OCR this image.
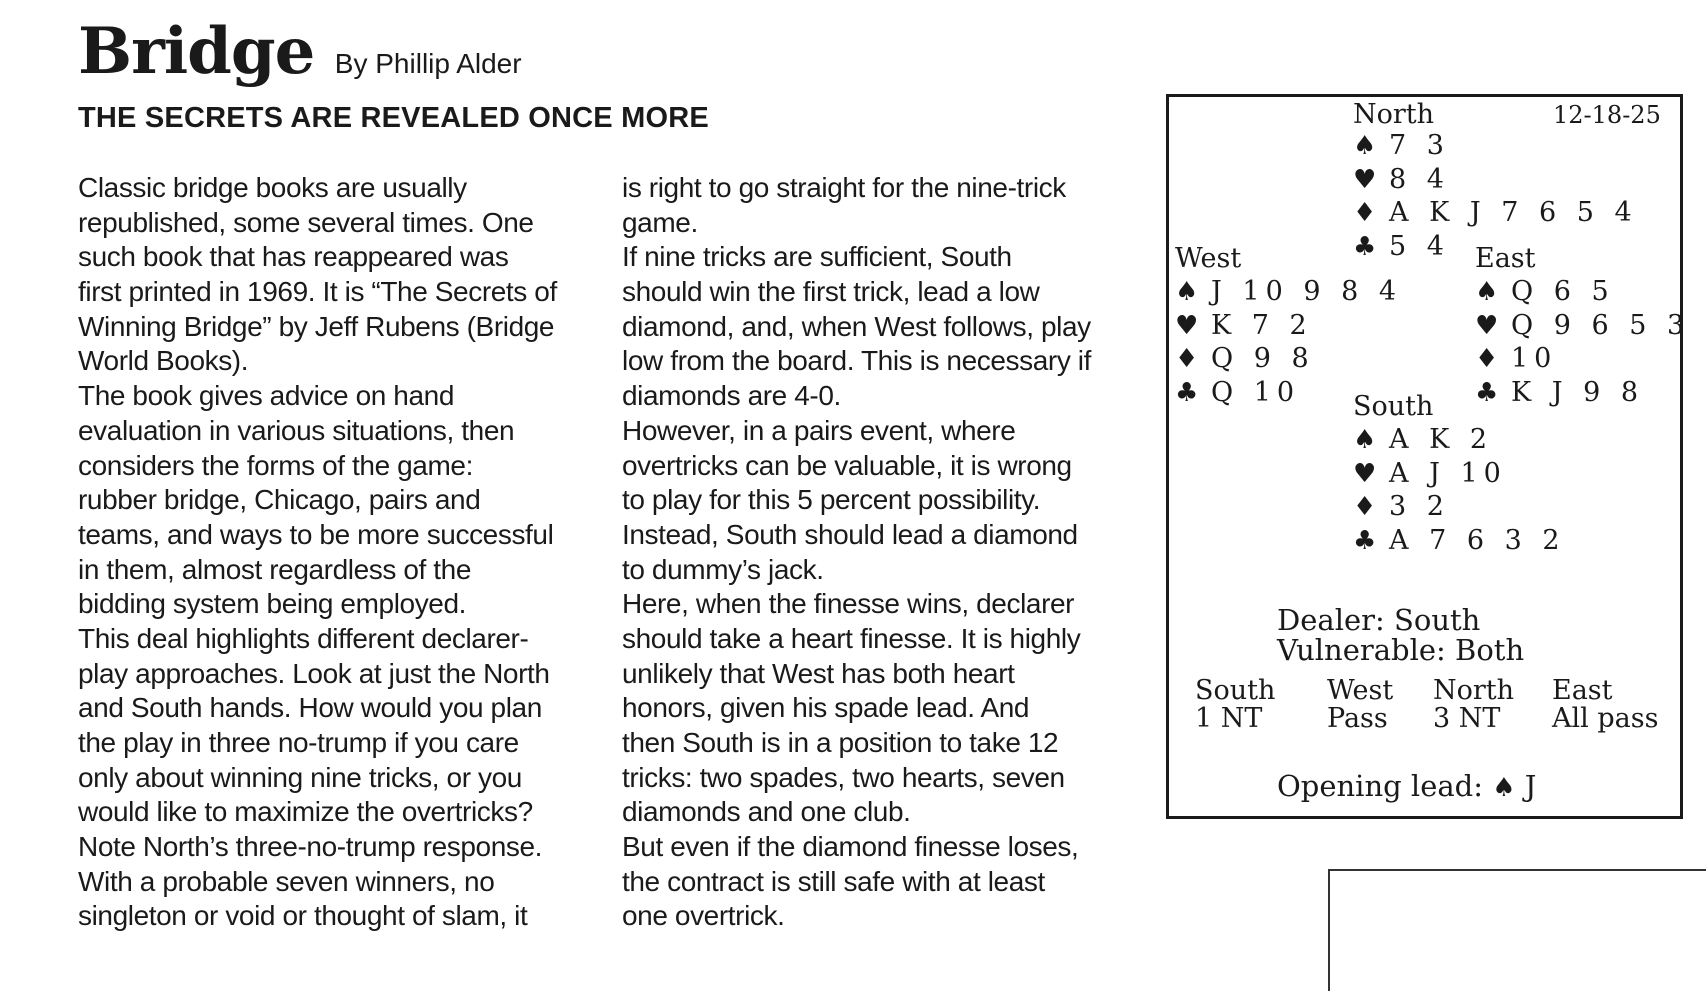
Bridge By Phillip Alder
THE SECRETS ARE REVEALED ONCE MORE
Classic bridge books are usually
republished, some several times. One
such book that has reappeared was
first printed in 1969. It is “The Secrets of
Winning Bridge” by Jeff Rubens (Bridge
World Books).
The book gives advice on hand
evaluation in various situations, then
considers the forms of the game:
rubber bridge, Chicago, pairs and
teams, and ways to be more successful
in them, almost regardless of the
bidding system being employed.
This deal highlights different declarer-
play approaches. Look at just the North
and South hands. How would you plan
the play in three no-trump if you care
only about winning nine tricks, or you
would like to maximize the overtricks?
Note North’s three-no-trump response.
With a probable seven winners, no
singleton or void or thought of slam, it
is right to go straight for the nine-trick
game.
If nine tricks are sufficient, South
should win the first trick, lead a low
diamond, and, when West follows, play
low from the board. This is necessary if
diamonds are 4-0.
However, in a pairs event, where
overtricks can be valuable, it is wrong
to play for this 5 percent possibility.
Instead, South should lead a diamond
to dummy’s jack.
Here, when the finesse wins, declarer
should take a heart finesse. It is highly
unlikely that West has both heart
honors, given his spade lead. And
then South is in a position to take 12
tricks: two spades, two hearts, seven
diamonds and one club.
But even if the diamond finesse loses,
the contract is still safe with at least
one overtrick.
North	12-18-25
♠ 7 3
♥ 8 4
♦ A K J 7 6 5 4
♣ 5 4
West
♠ J 10 9 8 4
♥ K 7 2
♦ Q 9 8
♣ Q 10
East
♠ Q 6 5
♥ Q 9 6 5 3
♦ 10
♣ K J 9 8
South
♠ A K 2
♥ A J 10
♦ 3 2
♣ A 7 6 3 2
Dealer: South
Vulnerable: Both
South
1 NT
West
Pass
North
3 NT
East
All pass
Opening lead: ♠ J
